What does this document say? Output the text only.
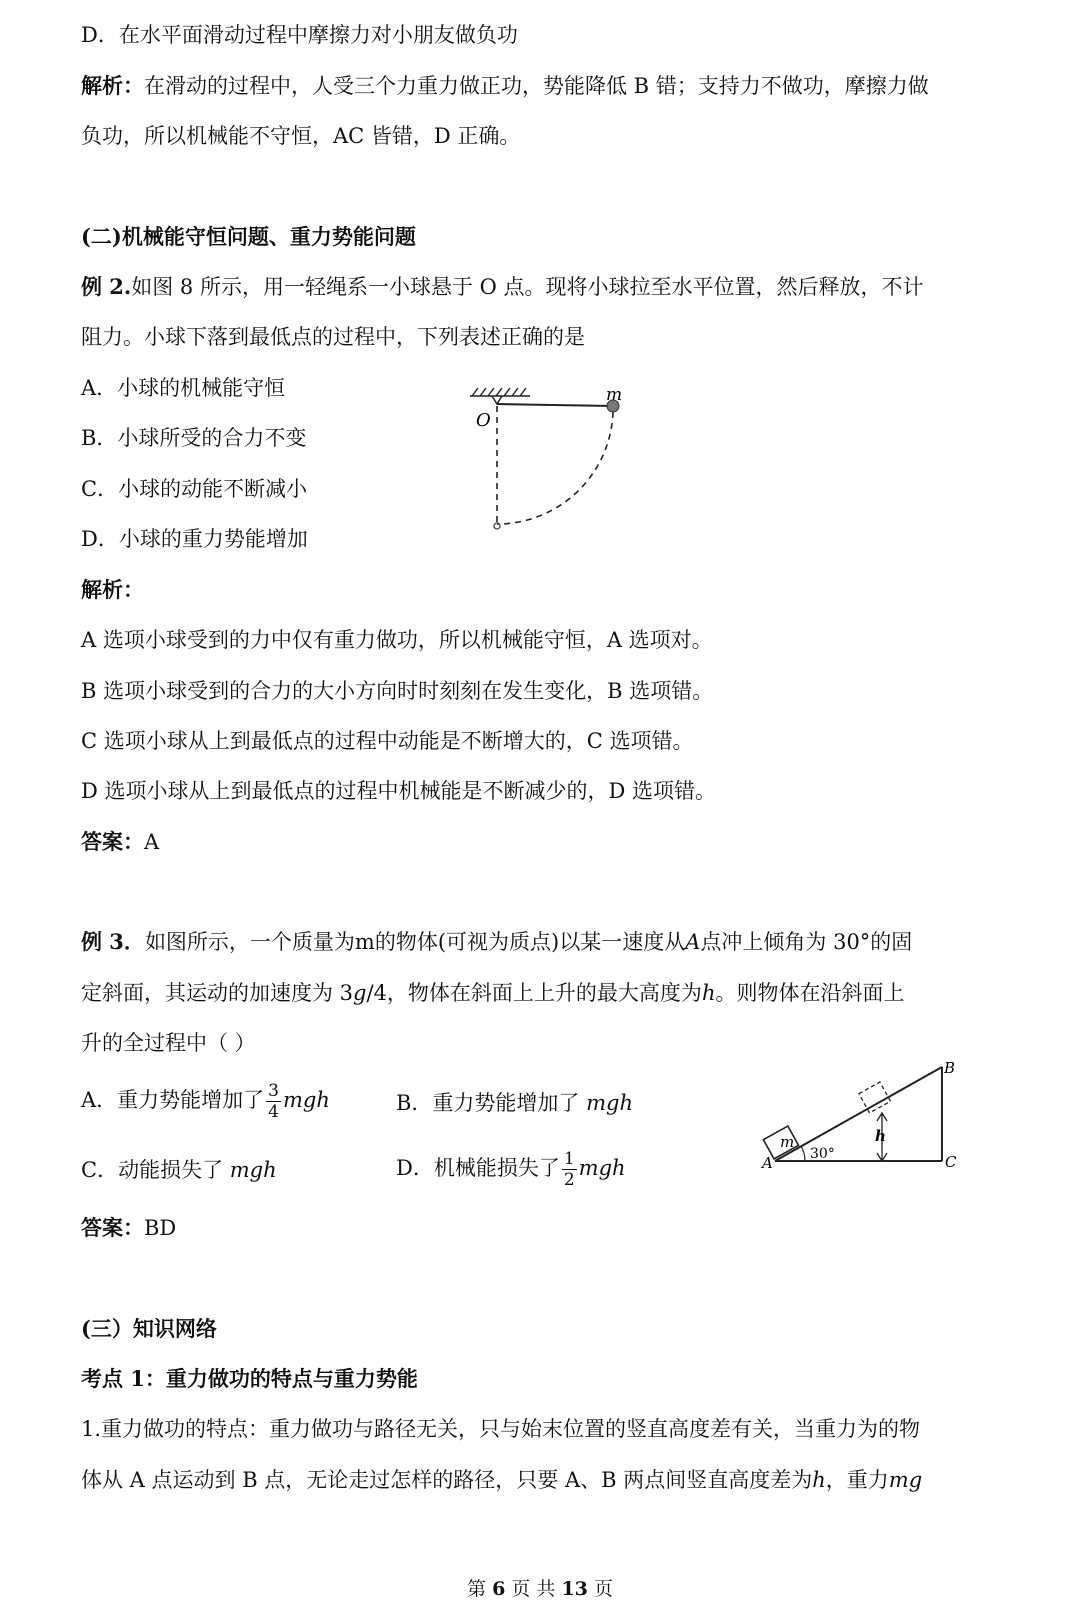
D．在水平面滑动过程中摩擦力对小朋友做负功
解析：在滑动的过程中，人受三个力重力做正功，势能降低 B 错；支持力不做功，摩擦力做
负功，所以机械能不守恒，AC 皆错，D 正确。
(二)机械能守恒问题、重力势能问题
例 2.如图 8 所示，用一轻绳系一小球悬于 O 点。现将小球拉至水平位置，然后释放，不计
阻力。小球下落到最低点的过程中，下列表述正确的是
A．小球的机械能守恒
B．小球所受的合力不变
C．小球的动能不断减小
D．小球的重力势能增加
O
m
解析：
A 选项小球受到的力中仅有重力做功，所以机械能守恒，A 选项对。
B 选项小球受到的合力的大小方向时时刻刻在发生变化，B 选项错。
C 选项小球从上到最低点的过程中动能是不断增大的，C 选项错。
D 选项小球从上到最低点的过程中机械能是不断减少的，D 选项错。
答案：A
例 3．如图所示，一个质量为m的物体(可视为质点)以某一速度从A点冲上倾角为 30°的固
定斜面，其运动的加速度为 3g/4，物体在斜面上上升的最大高度为h。则物体在沿斜面上
升的全过程中（ ）
A．重力势能增加了 $\frac{3}{4}$ mgh	B．重力势能增加了 mgh
C．动能损失了 mgh	D．机械能损失了 $\frac{1}{2}$ mgh
m	h
30°
A
B
C
答案：BD
(三）知识网络
考点 1：重力做功的特点与重力势能
1.重力做功的特点：重力做功与路径无关，只与始末位置的竖直高度差有关，当重力为的物
体从 A 点运动到 B 点，无论走过怎样的路径，只要 A、B 两点间竖直高度差为h，重力mg
第 6 页 共 13 页
